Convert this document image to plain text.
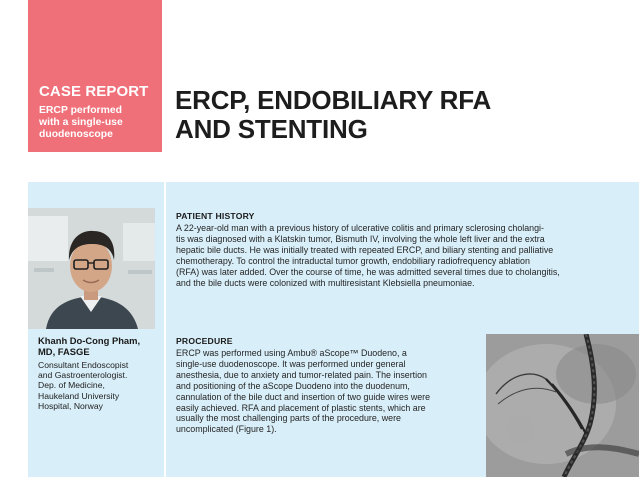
CASE REPORT
ERCP performed
with a single-use
duodenoscope
ERCP, ENDOBILIARY RFA
AND STENTING
Khanh Do-Cong Pham,
MD, FASGE
Consultant Endoscopist
and Gastroenterologist.
Dep. of Medicine,
Haukeland University
Hospital, Norway
PATIENT HISTORY
A 22-year-old man with a previous history of ulcerative colitis and primary sclerosing cholangi-
tis was diagnosed with a Klatskin tumor, Bismuth IV, involving the whole left liver and the extra
hepatic bile ducts. He was initially treated with repeated ERCP, and biliary stenting and palliative
chemotherapy. To control the intraductal tumor growth, endobiliary radiofrequency ablation
(RFA) was later added. Over the course of time, he was admitted several times due to cholangitis,
and the bile ducts were colonized with multiresistant Klebsiella pneumoniae.
PROCEDURE
ERCP was performed using Ambu® aScope™ Duodeno, a
single-use duodenoscope. It was performed under general
anesthesia, due to anxiety and tumor-related pain. The insertion
and positioning of the aScope Duodeno into the duodenum,
cannulation of the bile duct and insertion of two guide wires were
easily achieved. RFA and placement of plastic stents, which are
usually the most challenging parts of the procedure, were
uncomplicated (Figure 1).
